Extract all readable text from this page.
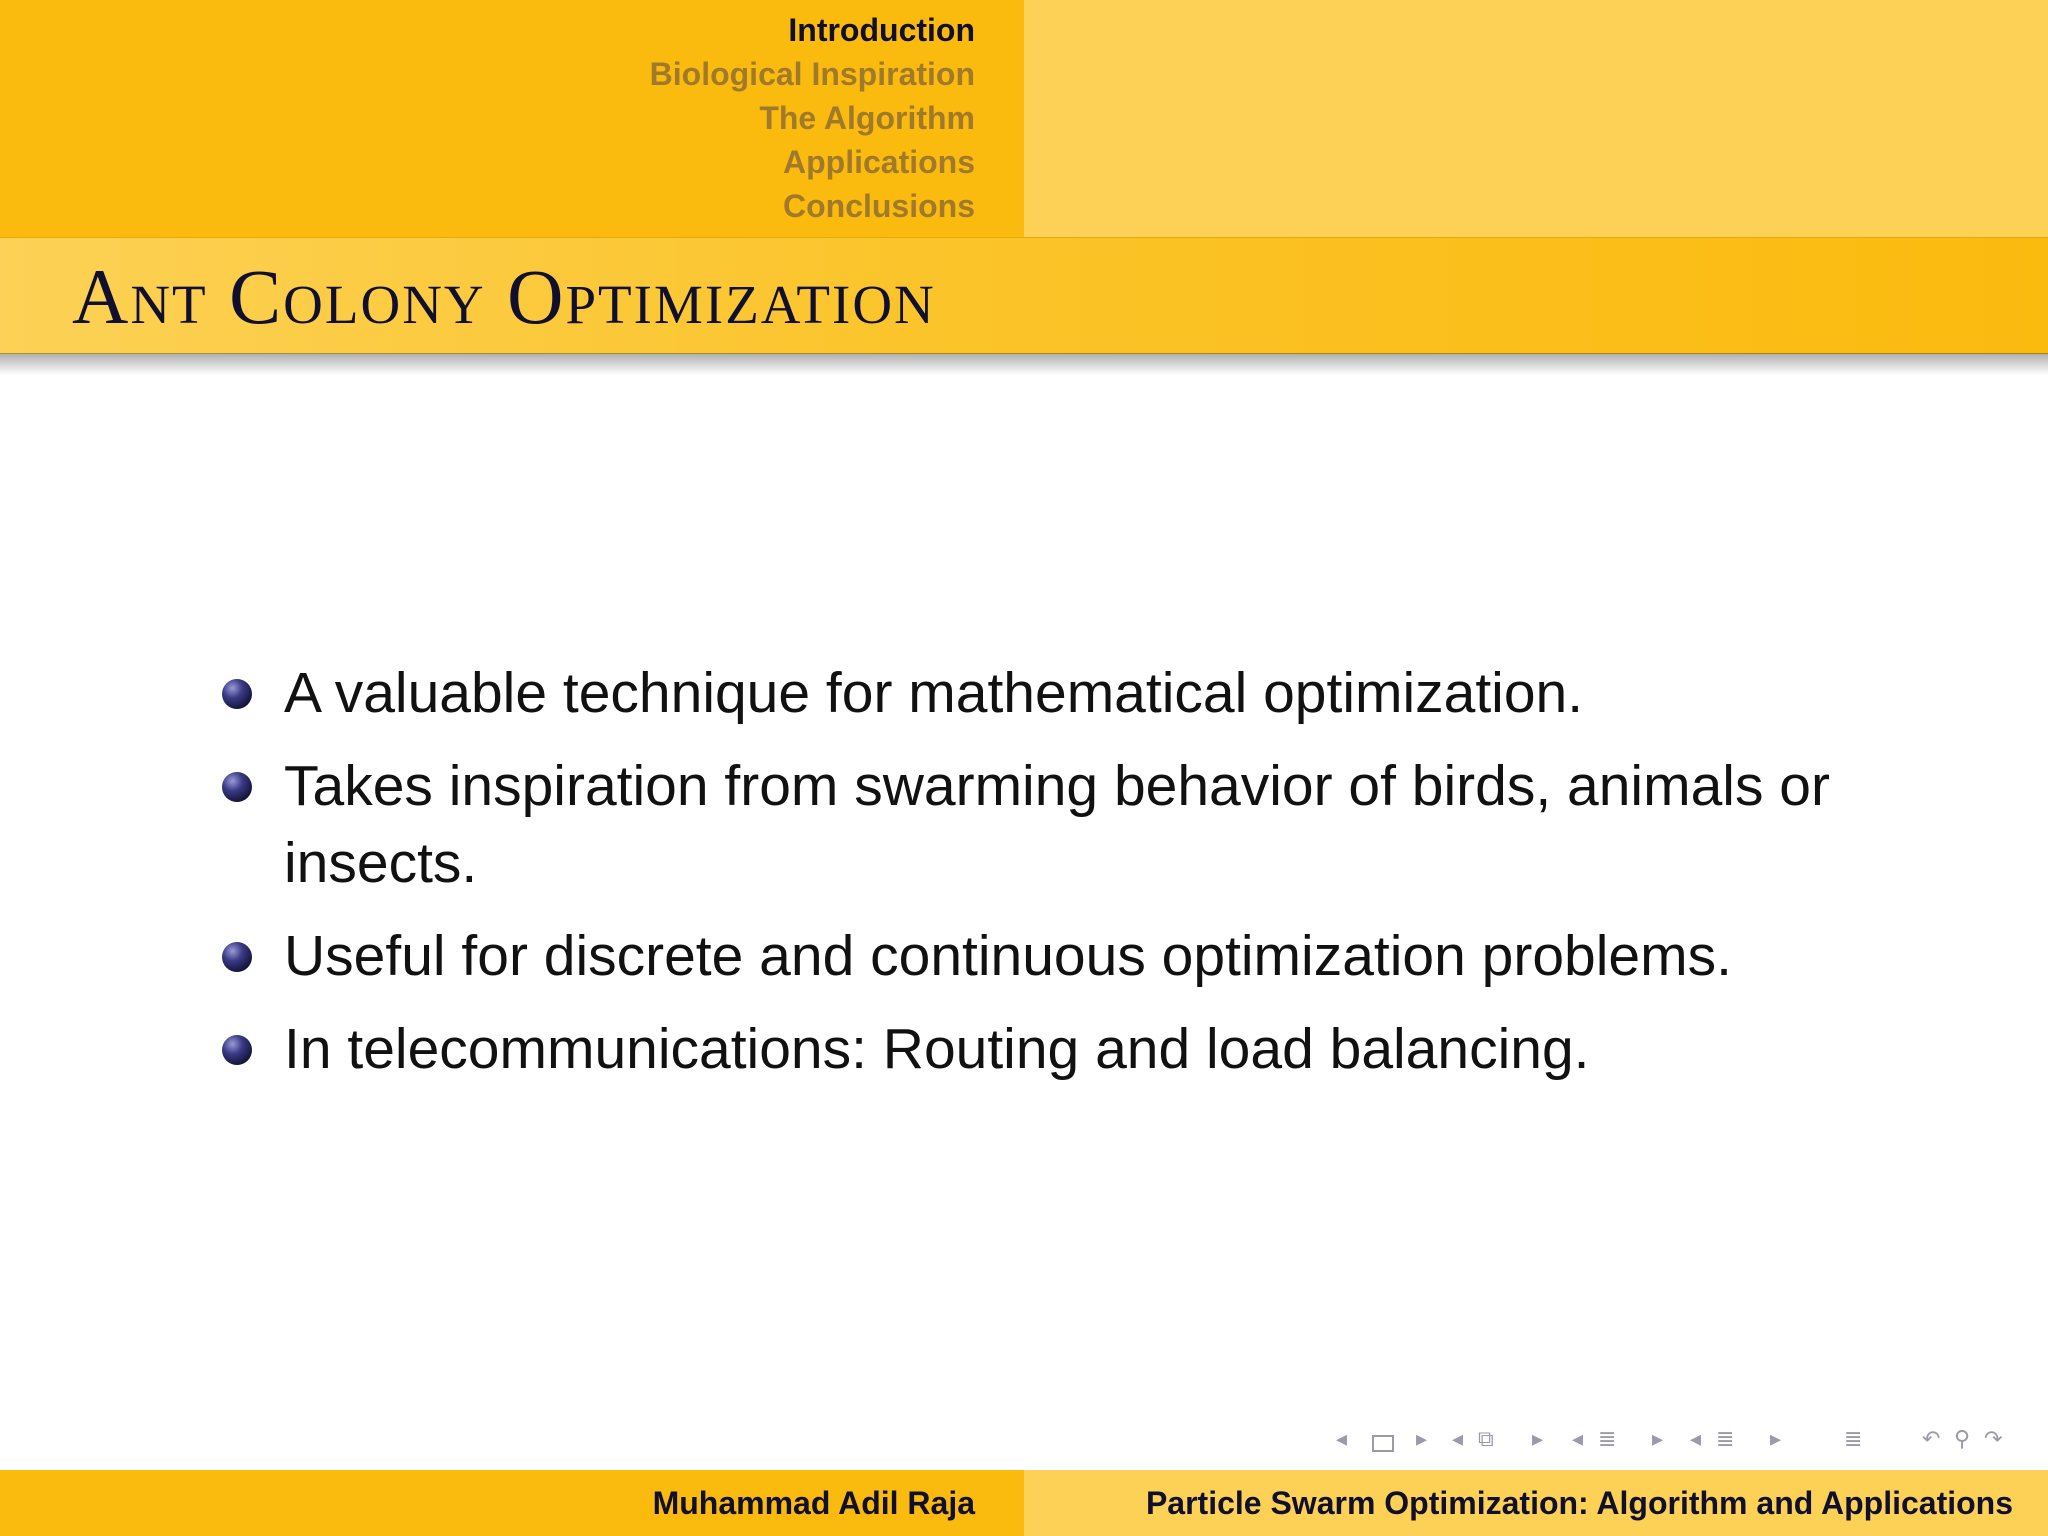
Introduction
Biological Inspiration
The Algorithm
Applications
Conclusions
Ant Colony Optimization
A valuable technique for mathematical optimization.
Takes inspiration from swarming behavior of birds, animals or insects.
Useful for discrete and continuous optimization problems.
In telecommunications: Routing and load balancing.
◂	▸ ◂ ⧉ ▸ ◂ ≣ ▸ ◂ ≣ ▸	≣	↶ ⚲ ↷
Muhammad Adil Raja	Particle Swarm Optimization: Algorithm and Applications
